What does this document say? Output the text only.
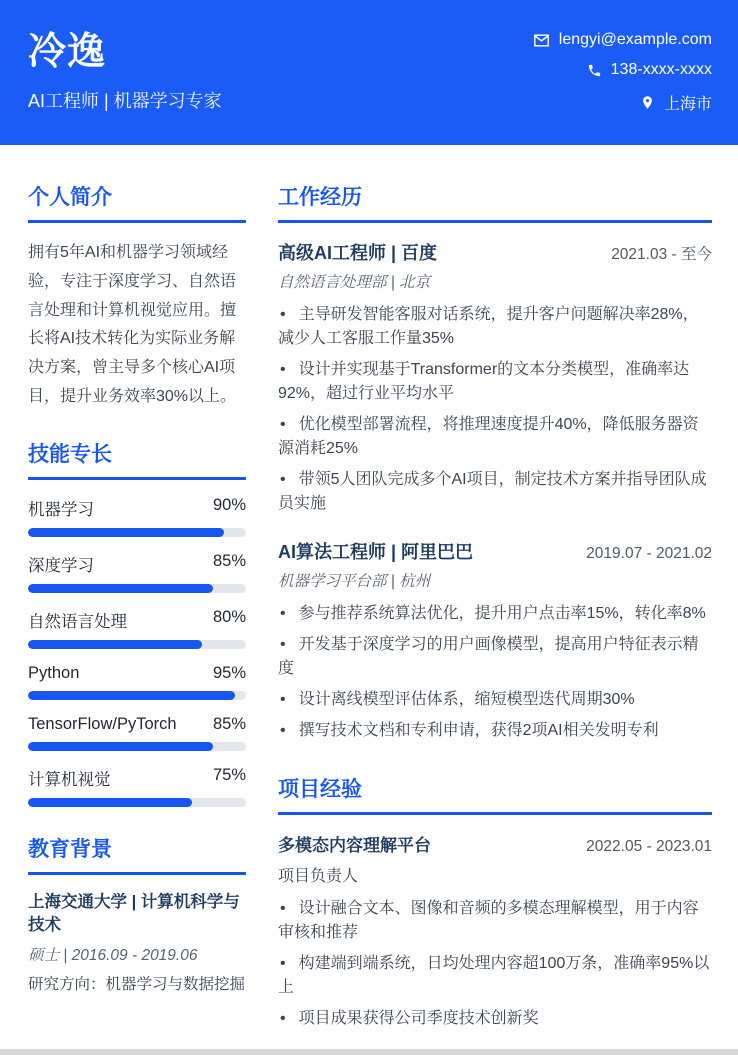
冷逸
AI工程师 | 机器学习专家
lengyi@example.com
138-xxxx-xxxx
上海市
个人简介

拥有5年AI和机器学习领域经验，专注于深度学习、自然语言处理和计算机视觉应用。擅长将AI技术转化为实际业务解决方案，曾主导多个核心AI项目，提升业务效率30%以上。

技能专长
机器学习	90%
深度学习	85%
自然语言处理	80%
Python	95%
TensorFlow/PyTorch 85%
计算机视觉	75%
教育背景
上海交通大学 | 计算机科学与技术
硕士 | 2016.09 - 2019.06
研究方向：机器学习与数据挖掘
工作经历
高级AI工程师 | 百度	2021.03 - 至今
自然语言处理部 | 北京
• 主导研发智能客服对话系统，提升客户问题解决率28%，减少人工客服工作量35%
• 设计并实现基于Transformer的文本分类模型，准确率达92%，超过行业平均水平
• 优化模型部署流程，将推理速度提升40%，降低服务器资源消耗25%
• 带领5人团队完成多个AI项目，制定技术方案并指导团队成员实施
AI算法工程师 | 阿里巴巴	2019.07 - 2021.02
机器学习平台部 | 杭州
• 参与推荐系统算法优化，提升用户点击率15%，转化率8%
• 开发基于深度学习的用户画像模型，提高用户特征表示精度
• 设计离线模型评估体系，缩短模型迭代周期30%
• 撰写技术文档和专利申请，获得2项AI相关发明专利
项目经验
多模态内容理解平台	2022.05 - 2023.01
项目负责人
• 设计融合文本、图像和音频的多模态理解模型，用于内容审核和推荐
• 构建端到端系统，日均处理内容超100万条，准确率95%以上
• 项目成果获得公司季度技术创新奖
